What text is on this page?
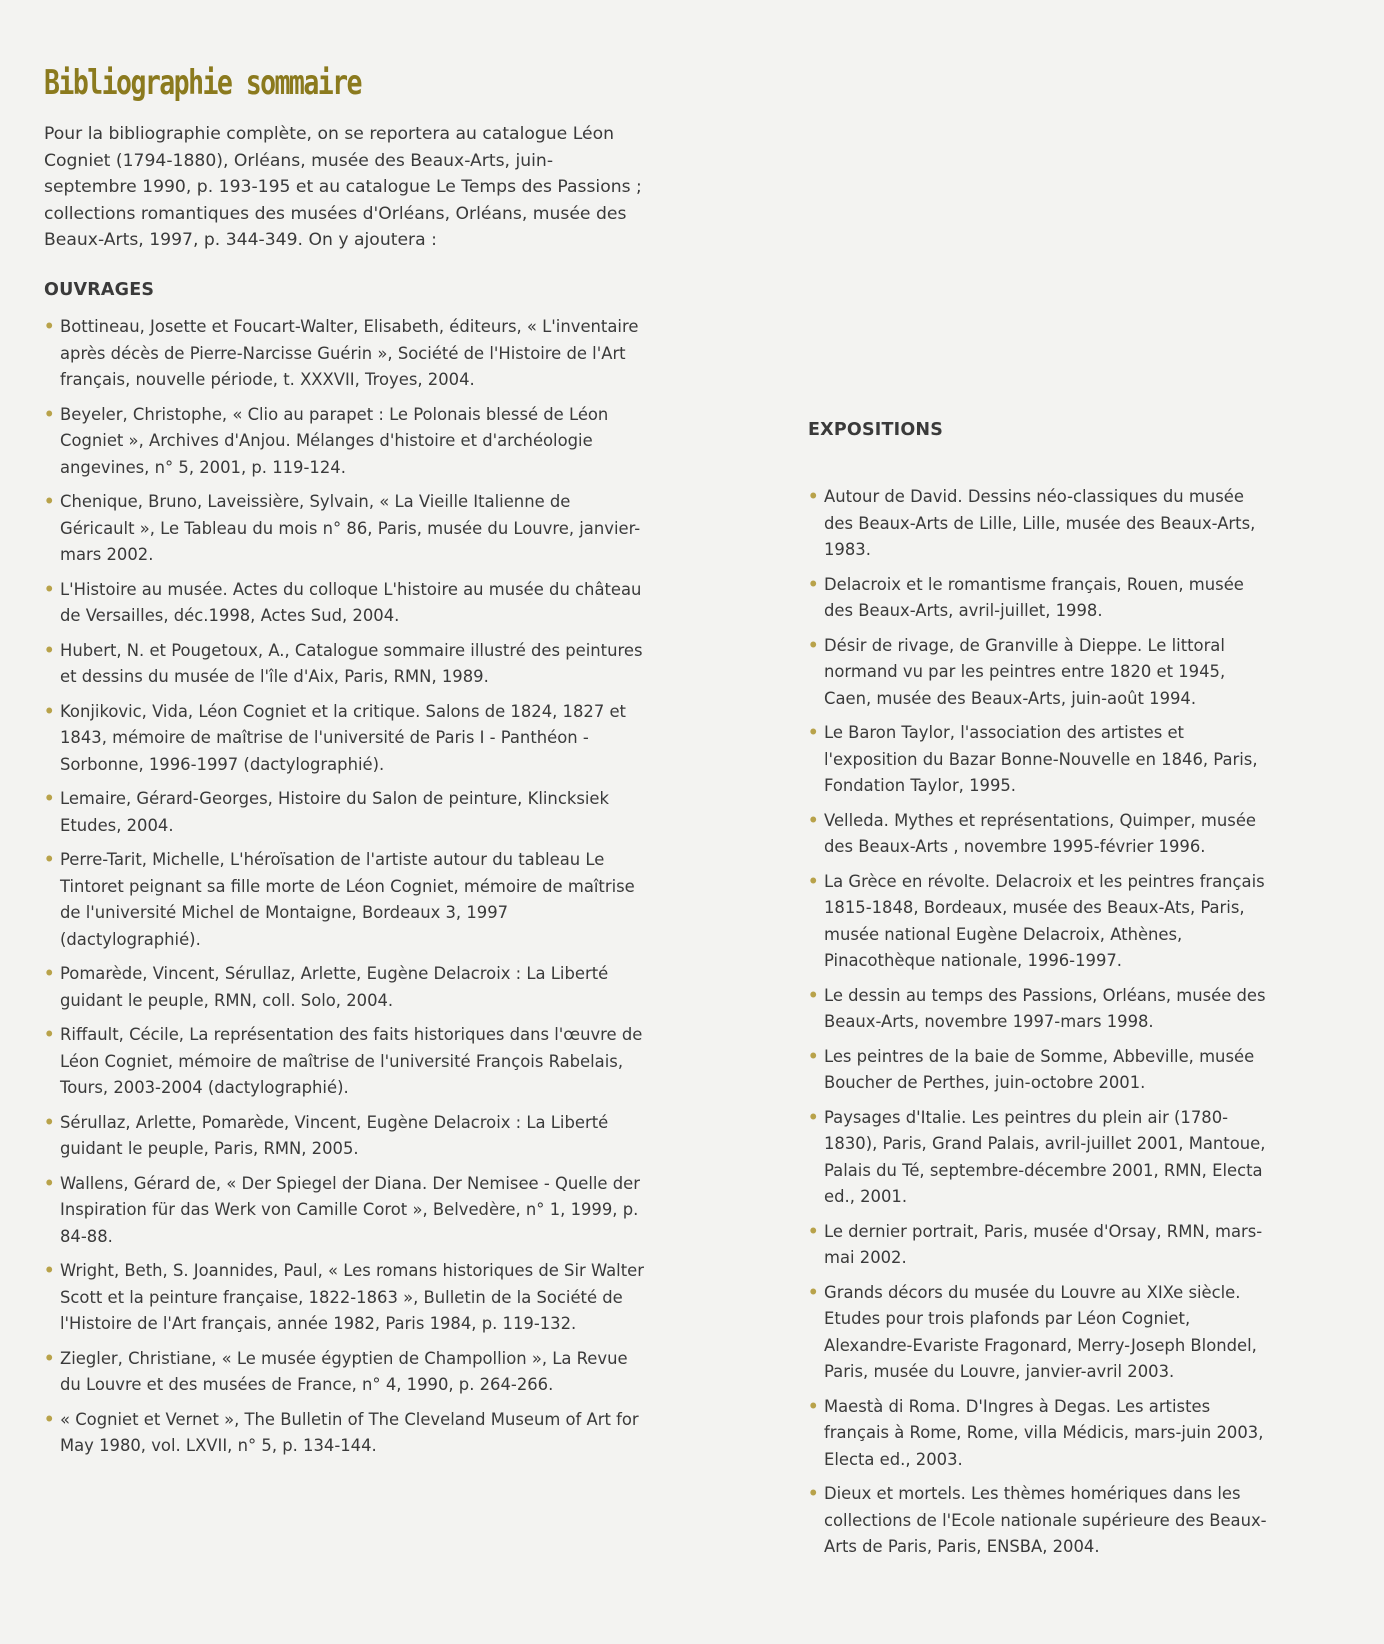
Bibliographie sommaire

Pour la bibliographie complète, on se reportera au catalogue Léon Cogniet (1794-1880), Orléans, musée des Beaux-Arts, juin-septembre 1990, p. 193-195 et au catalogue Le Temps des Passions ; collections romantiques des musées d'Orléans, Orléans, musée des Beaux-Arts, 1997, p. 344-349. On y ajoutera :

OUVRAGES
• Bottineau, Josette et Foucart-Walter, Elisabeth, éditeurs, « L'inventaire après décès de Pierre-Narcisse Guérin », Société de l'Histoire de l'Art français, nouvelle période, t. XXXVII, Troyes, 2004.
• Beyeler, Christophe, « Clio au parapet : Le Polonais blessé de Léon Cogniet », Archives d'Anjou. Mélanges d'histoire et d'archéologie angevines, n° 5, 2001, p. 119-124.
• Chenique, Bruno, Laveissière, Sylvain, « La Vieille Italienne de Géricault », Le Tableau du mois n° 86, Paris, musée du Louvre, janvier-mars 2002.
• L'Histoire au musée. Actes du colloque L'histoire au musée du château de Versailles, déc.1998, Actes Sud, 2004.
• Hubert, N. et Pougetoux, A., Catalogue sommaire illustré des peintures et dessins du musée de l'île d'Aix, Paris, RMN, 1989.
• Konjikovic, Vida, Léon Cogniet et la critique. Salons de 1824, 1827 et 1843, mémoire de maîtrise de l'université de Paris I - Panthéon - Sorbonne, 1996-1997 (dactylographié).
• Lemaire, Gérard-Georges, Histoire du Salon de peinture, Klincksiek Etudes, 2004.
• Perre-Tarit, Michelle, L'héroïsation de l'artiste autour du tableau Le Tintoret peignant sa fille morte de Léon Cogniet, mémoire de maîtrise de l'université Michel de Montaigne, Bordeaux 3, 1997 (dactylographié).
• Pomarède, Vincent, Sérullaz, Arlette, Eugène Delacroix : La Liberté guidant le peuple, RMN, coll. Solo, 2004.
• Riffault, Cécile, La représentation des faits historiques dans l'œuvre de Léon Cogniet, mémoire de maîtrise de l'université François Rabelais, Tours, 2003-2004 (dactylographié).
• Sérullaz, Arlette, Pomarède, Vincent, Eugène Delacroix : La Liberté guidant le peuple, Paris, RMN, 2005.
• Wallens, Gérard de, « Der Spiegel der Diana. Der Nemisee - Quelle der Inspiration für das Werk von Camille Corot », Belvedère, n° 1, 1999, p. 84-88.
• Wright, Beth, S. Joannides, Paul, « Les romans historiques de Sir Walter Scott et la peinture française, 1822-1863 », Bulletin de la Société de l'Histoire de l'Art français, année 1982, Paris 1984, p. 119-132.
• Ziegler, Christiane, « Le musée égyptien de Champollion », La Revue du Louvre et des musées de France, n° 4, 1990, p. 264-266.
• « Cogniet et Vernet », The Bulletin of The Cleveland Museum of Art for May 1980, vol. LXVII, n° 5, p. 134-144.
EXPOSITIONS
• Autour de David. Dessins néo-classiques du musée des Beaux-Arts de Lille, Lille, musée des Beaux-Arts, 1983.
• Delacroix et le romantisme français, Rouen, musée des Beaux-Arts, avril-juillet, 1998.
• Désir de rivage, de Granville à Dieppe. Le littoral normand vu par les peintres entre 1820 et 1945, Caen, musée des Beaux-Arts, juin-août 1994.
• Le Baron Taylor, l'association des artistes et l'exposition du Bazar Bonne-Nouvelle en 1846, Paris, Fondation Taylor, 1995.
• Velleda. Mythes et représentations, Quimper, musée des Beaux-Arts , novembre 1995-février 1996.
• La Grèce en révolte. Delacroix et les peintres français 1815-1848, Bordeaux, musée des Beaux-Ats, Paris, musée national Eugène Delacroix, Athènes, Pinacothèque nationale, 1996-1997.
• Le dessin au temps des Passions, Orléans, musée des Beaux-Arts, novembre 1997-mars 1998.
• Les peintres de la baie de Somme, Abbeville, musée Boucher de Perthes, juin-octobre 2001.
• Paysages d'Italie. Les peintres du plein air (1780-1830), Paris, Grand Palais, avril-juillet 2001, Mantoue, Palais du Té, septembre-décembre 2001, RMN, Electa ed., 2001.
• Le dernier portrait, Paris, musée d'Orsay, RMN, mars-mai 2002.
• Grands décors du musée du Louvre au XIXe siècle. Etudes pour trois plafonds par Léon Cogniet, Alexandre-Evariste Fragonard, Merry-Joseph Blondel, Paris, musée du Louvre, janvier-avril 2003.
• Maestà di Roma. D'Ingres à Degas. Les artistes français à Rome, Rome, villa Médicis, mars-juin 2003, Electa ed., 2003.
• Dieux et mortels. Les thèmes homériques dans les collections de l'Ecole nationale supérieure des Beaux-Arts de Paris, Paris, ENSBA, 2004.
